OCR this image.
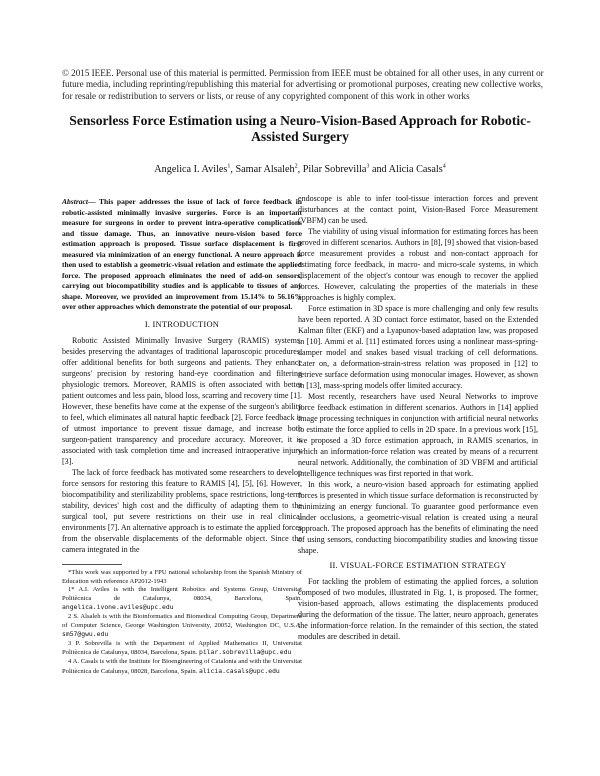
© 2015 IEEE. Personal use of this material is permitted. Permission from IEEE must be obtained for all other uses, in any current or future media, including reprinting/republishing this material for advertising or promotional purposes, creating new collective works, for resale or redistribution to servers or lists, or reuse of any copyrighted component of this work in other works
Sensorless Force Estimation using a Neuro-Vision-Based Approach for Robotic-Assisted Surgery
Angelica I. Aviles$^1$, Samar Alsaleh$^2$, Pilar Sobrevilla$^3$ and Alicia Casals$^4$

Abstract— This paper addresses the issue of lack of force feedback in robotic-assisted minimally invasive surgeries. Force is an important measure for surgeons in order to prevent intra-operative complications and tissue damage. Thus, an innovative neuro-vision based force estimation approach is proposed. Tissue surface displacement is first measured via minimization of an energy functional. A neuro approach is then used to establish a geometric-visual relation and estimate the applied force. The proposed approach eliminates the need of add-on sensors, carrying out biocompatibility studies and is applicable to tissues of any shape. Moreover, we provided an improvement from 15.14% to 56.16% over other approaches which demonstrate the potential of our proposal.

I. INTRODUCTION

Robotic Assisted Minimally Invasive Surgery (RAMIS) systems, besides preserving the advantages of traditional laparoscopic procedures, offer additional benefits for both surgeons and patients. They enhance surgeons' precision by restoring hand-eye coordination and filtering physiologic tremors. Moreover, RAMIS is often associated with better patient outcomes and less pain, blood loss, scarring and recovery time [1]. However, these benefits have come at the expense of the surgeon's ability to feel, which eliminates all natural haptic feedback [2]. Force feedback is of utmost importance to prevent tissue damage, and increase both surgeon-patient transparency and procedure accuracy. Moreover, it is associated with task completion time and increased intraoperative injury [3].

The lack of force feedback has motivated some researchers to develop force sensors for restoring this feature to RAMIS [4], [5], [6]. However, biocompatibility and sterilizability problems, space restrictions, long-term stability, devices' high cost and the difficulty of adapting them to the surgical tool, put severe restrictions on their use in real clinical environments [7]. An alternative approach is to estimate the applied forces from the observable displacements of the deformable object. Since the camera integrated in the

*This work was supported by a FPU national scholarship from the Spanish Ministry of Education with reference AP2012-1943

1* A.I. Aviles is with the Intelligent Robotics and Systems Group, Universitat Politècnica de Catalunya, 08034, Barcelona, Spain. angelica.ivone.aviles@upc.edu

2 S. Alsaleh is with the Bioinformatics and Biomedical Computing Group, Department of Computer Science, George Washington University, 20052, Washington DC, U.S.A. sm57@gwu.edu

3 P. Sobrevilla is with the Department of Applied Mathematics II, Universitat Politècnica de Catalunya, 08034, Barcelona, Spain. pilar.sobrevilla@upc.edu

4 A. Casals is with the Institute for Bioengineering of Catalonia and with the Universitat Politècnica de Catalunya, 08028, Barcelona, Spain. alicia.casals@upc.edu

endoscope is able to infer tool-tissue interaction forces and prevent disturbances at the contact point, Vision-Based Force Measurement (VBFM) can be used.

The viability of using visual information for estimating forces has been proved in different scenarios. Authors in [8], [9] showed that vision-based force measurement provides a robust and non-contact approach for estimating force feedback, in macro- and micro-scale systems, in which displacement of the object's contour was enough to recover the applied forces. However, calculating the properties of the materials in these approaches is highly complex.

Force estimation in 3D space is more challenging and only few results have been reported. A 3D contact force estimator, based on the Extended Kalman filter (EKF) and a Lyapunov-based adaptation law, was proposed in [10]. Ammi et al. [11] estimated forces using a nonlinear mass-spring-damper model and snakes based visual tracking of cell deformations. Later on, a deformation-strain-stress relation was proposed in [12] to retrieve surface deformation using monocular images. However, as shown in [13], mass-spring models offer limited accuracy.

Most recently, researchers have used Neural Networks to improve force feedback estimation in different scenarios. Authors in [14] applied image processing techniques in conjunction with artificial neural networks to estimate the force applied to cells in 2D space. In a previous work [15], we proposed a 3D force estimation approach, in RAMIS scenarios, in which an information-force relation was created by means of a recurrent neural network. Additionally, the combination of 3D VBFM and artificial intelligence techniques was first reported in that work.

In this work, a neuro-vision based approach for estimating applied forces is presented in which tissue surface deformation is reconstructed by minimizing an energy funcional. To guarantee good performance even under occlusions, a geometric-visual relation is created using a neural approach. The proposed approach has the benefits of eliminating the need of using sensors, conducting biocompatibility studies and knowing tissue shape.

II. VISUAL-FORCE ESTIMATION STRATEGY

For tackling the problem of estimating the applied forces, a solution composed of two modules, illustrated in Fig. 1, is proposed. The former, vision-based approach, allows estimating the displacements produced during the deformation of the tissue. The latter, neuro approach, generates the information-force relation. In the remainder of this section, the stated modules are described in detail.
